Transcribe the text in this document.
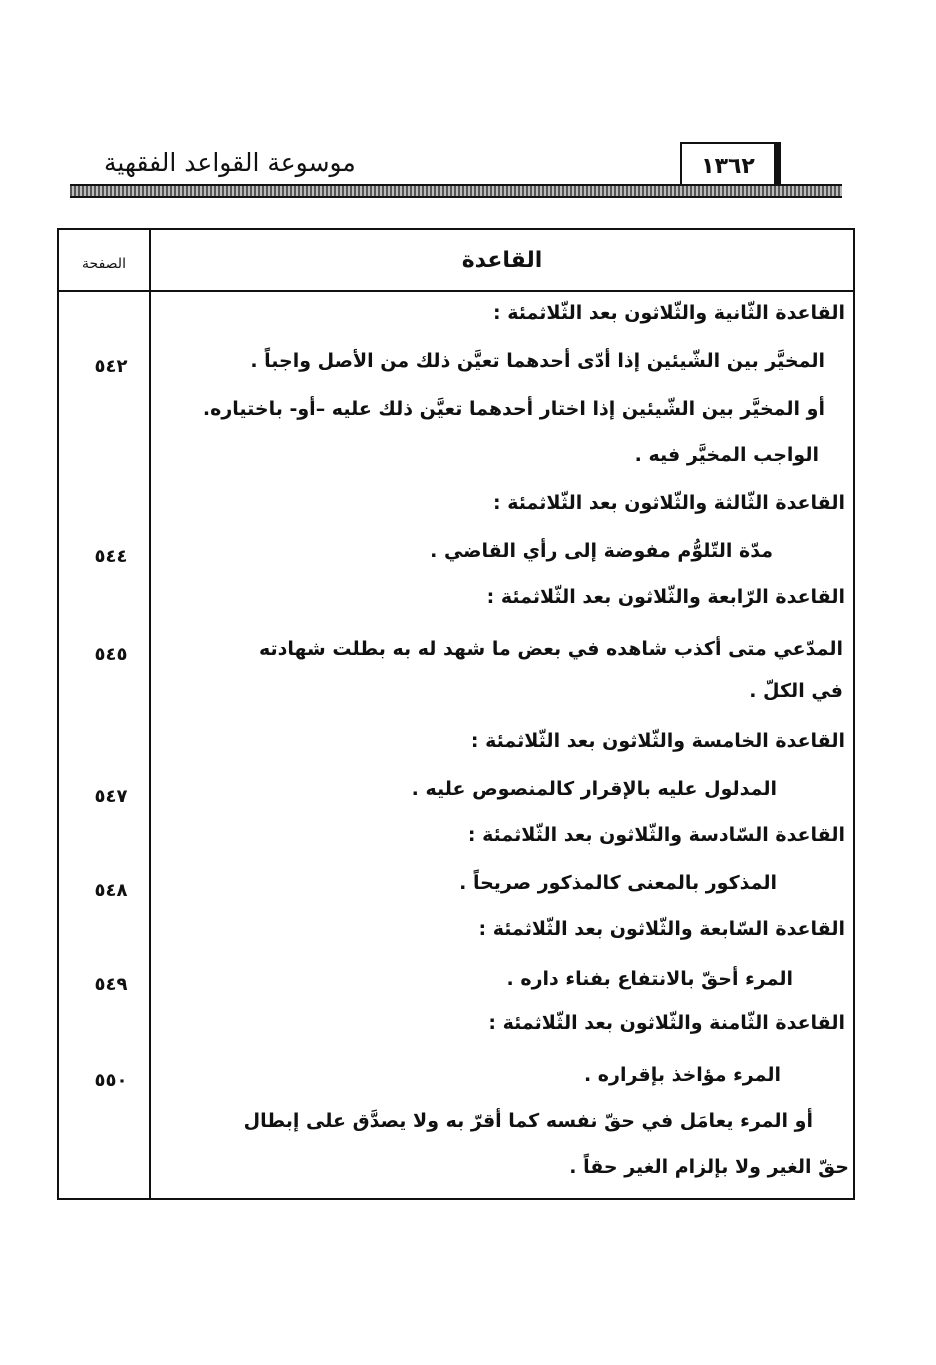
موسوعة القواعد الفقهية	١٣٦٢
الصفحة	القاعدة
القاعدة الثّانية والثّلاثون بعد الثّلاثمئة :
المخيَّر بين الشّيئين إذا أدّى أحدهما تعيَّن ذلك من الأصل واجباً .
٥٤٢
أو المخيَّر بين الشّيئين إذا اختار أحدهما تعيَّن ذلك عليه –أو- باختياره.
الواجب المخيَّر فيه .
القاعدة الثّالثة والثّلاثون بعد الثّلاثمئة :
مدّة التّلوُّم مفوضة إلى رأي القاضي .
٥٤٤
القاعدة الرّابعة والثّلاثون بعد الثّلاثمئة :
المدّعي متى أكذب شاهده في بعض ما شهد له به بطلت شهادته
٥٤٥
في الكلّ .
القاعدة الخامسة والثّلاثون بعد الثّلاثمئة :
المدلول عليه بالإقرار كالمنصوص عليه .
٥٤٧
القاعدة السّادسة والثّلاثون بعد الثّلاثمئة :
المذكور بالمعنى كالمذكور صريحاً .
٥٤٨
القاعدة السّابعة والثّلاثون بعد الثّلاثمئة :
المرء أحقّ بالانتفاع بفناء داره .
٥٤٩
القاعدة الثّامنة والثّلاثون بعد الثّلاثمئة :
المرء مؤاخذ بإقراره .
٥٥٠
أو المرء يعامَل في حقّ نفسه كما أقرّ به ولا يصدَّق على إبطال
حقّ الغير ولا بإلزام الغير حقاً .
